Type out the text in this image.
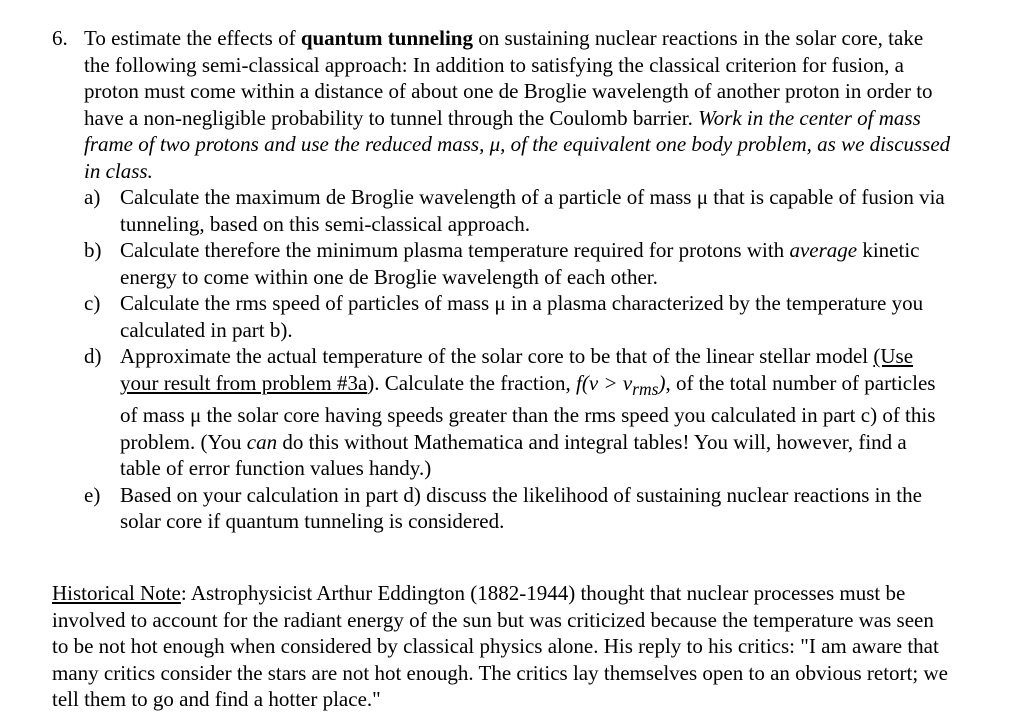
6. To estimate the effects of quantum tunneling on sustaining nuclear reactions in the solar core, take the following semi-classical approach: In addition to satisfying the classical criterion for fusion, a proton must come within a distance of about one de Broglie wavelength of another proton in order to have a non-negligible probability to tunnel through the Coulomb barrier. Work in the center of mass frame of two protons and use the reduced mass, μ, of the equivalent one body problem, as we discussed in class.
a) Calculate the maximum de Broglie wavelength of a particle of mass μ that is capable of fusion via tunneling, based on this semi-classical approach.
b) Calculate therefore the minimum plasma temperature required for protons with average kinetic energy to come within one de Broglie wavelength of each other.
c) Calculate the rms speed of particles of mass μ in a plasma characterized by the temperature you calculated in part b).
d) Approximate the actual temperature of the solar core to be that of the linear stellar model (Use your result from problem #3a). Calculate the fraction, $f(v > v_{rms})$, of the total number of particles of mass μ the solar core having speeds greater than the rms speed you calculated in part c) of this problem. (You can do this without Mathematica and integral tables! You will, however, find a table of error function values handy.)
e) Based on your calculation in part d) discuss the likelihood of sustaining nuclear reactions in the solar core if quantum tunneling is considered.
Historical Note: Astrophysicist Arthur Eddington (1882-1944) thought that nuclear processes must be involved to account for the radiant energy of the sun but was criticized because the temperature was seen to be not hot enough when considered by classical physics alone. His reply to his critics: "I am aware that many critics consider the stars are not hot enough. The critics lay themselves open to an obvious retort; we tell them to go and find a hotter place."
